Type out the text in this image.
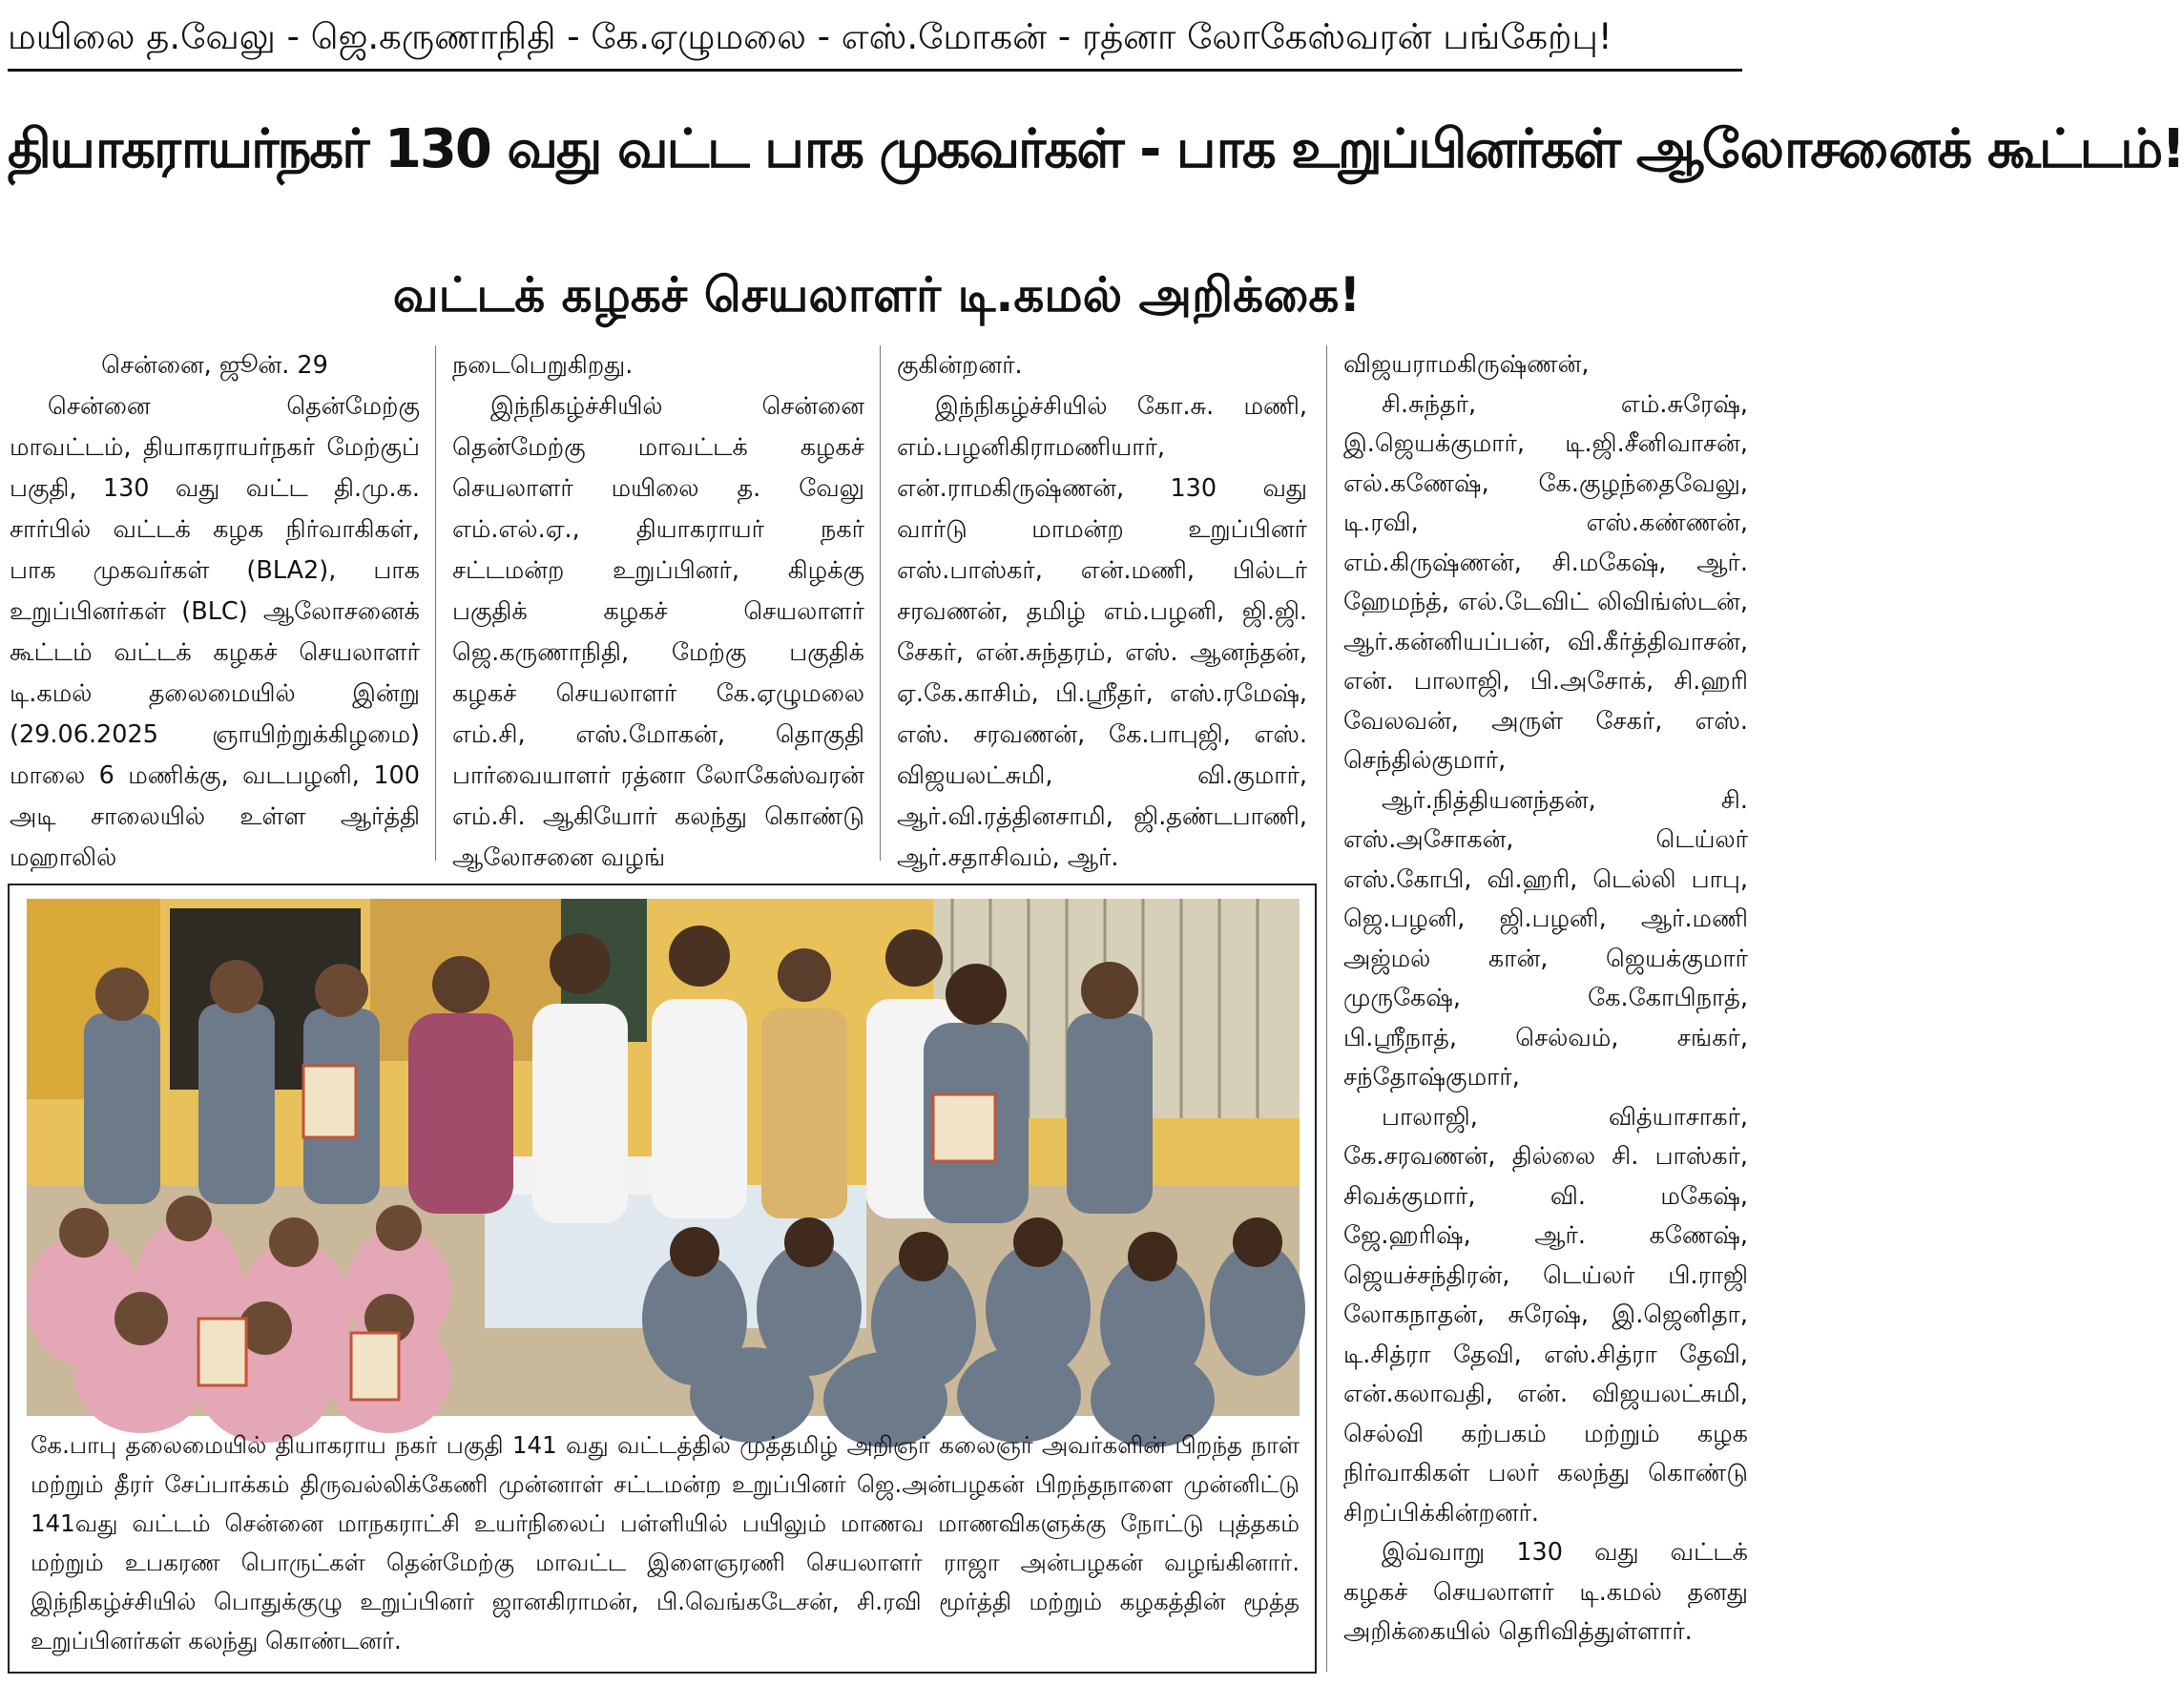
மயிலை த.வேலு - ஜெ.கருணாநிதி - கே.ஏழுமலை - எஸ்.மோகன் - ரத்னா லோகேஸ்வரன் பங்கேற்பு!
தியாகராயர்நகர் 130 வது வட்ட பாக முகவர்கள் - பாக உறுப்பினர்கள் ஆலோசனைக் கூட்டம்!
வட்டக் கழகச் செயலாளர் டி.கமல் அறிக்கை!

சென்னை, ஜூன். 29

சென்னை தென்மேற்கு மாவட்டம், தியாகராயர்நகர் மேற்குப் பகுதி, 130 வது வட்ட தி.மு.க. சார்பில் வட்டக் கழக நிர்வாகிகள், பாக முகவர்கள் (BLA2), பாக உறுப்பினர்கள் (BLC) ஆலோசனைக் கூட்டம் வட்டக் கழகச் செயலாளர் டி.கமல் தலைமையில் இன்று (29.06.2025 ஞாயிற்றுக்கிழமை) மாலை 6 மணிக்கு, வடபழனி, 100 அடி சாலையில் உள்ள ஆர்த்தி மஹாலில்

நடைபெறுகிறது.

இந்நிகழ்ச்சியில் சென்னை தென்மேற்கு மாவட்டக் கழகச் செயலாளர் மயிலை த. வேலு எம்.எல்.ஏ., தியாகராயர் நகர் சட்டமன்ற உறுப்பினர், கிழக்கு பகுதிக் கழகச் செயலாளர் ஜெ.கருணாநிதி, மேற்கு பகுதிக் கழகச் செயலாளர் கே.ஏழுமலை எம்.சி, எஸ்.மோகன், தொகுதி பார்வையாளர் ரத்னா லோகேஸ்வரன் எம்.சி. ஆகியோர் கலந்து கொண்டு ஆலோசனை வழங்

குகின்றனர்.

இந்நிகழ்ச்சியில் கோ.சு. மணி, எம்.பழனிகிராமணியார், என்.ராமகிருஷ்ணன், 130 வது வார்டு மாமன்ற உறுப்பினர் எஸ்.பாஸ்கர், என்.மணி, பில்டர் சரவணன், தமிழ் எம்.பழனி, ஜி.ஜி. சேகர், என்.சுந்தரம், எஸ். ஆனந்தன், ஏ.கே.காசிம், பி.ஸ்ரீதர், எஸ்.ரமேஷ், எஸ். சரவணன், கே.பாபுஜி, எஸ். விஜயலட்சுமி, வி.குமார், ஆர்.வி.ரத்தினசாமி, ஜி.தண்டபாணி, ஆர்.சதாசிவம், ஆர்.

விஜயராமகிருஷ்ணன்,

சி.சுந்தர், எம்.சுரேஷ், இ.ஜெயக்குமார், டி.ஜி.சீனிவாசன், எல்.கணேஷ், கே.குழந்தைவேலு, டி.ரவி, எஸ்.கண்ணன், எம்.கிருஷ்ணன், சி.மகேஷ், ஆர். ஹேமந்த், எல்.டேவிட் லிவிங்ஸ்டன், ஆர்.கன்னியப்பன், வி.கீர்த்திவாசன், என். பாலாஜி, பி.அசோக், சி.ஹரி வேலவன், அருள் சேகர், எஸ். செந்தில்குமார்,

ஆர்.நித்தியனந்தன், சி. எஸ்.அசோகன், டெய்லர் எஸ்.கோபி, வி.ஹரி, டெல்லி பாபு, ஜெ.பழனி, ஜி.பழனி, ஆர்.மணி அஜ்மல் கான், ஜெயக்குமார் முருகேஷ், கே.கோபிநாத், பி.ஸ்ரீநாத், செல்வம், சங்கர், சந்தோஷ்குமார்,

பாலாஜி, வித்யாசாகர், கே.சரவணன், தில்லை சி. பாஸ்கர், சிவக்குமார், வி. மகேஷ், ஜே.ஹரிஷ், ஆர். கணேஷ், ஜெயச்சந்திரன், டெய்லர் பி.ராஜி லோகநாதன், சுரேஷ், இ.ஜெனிதா, டி.சித்ரா தேவி, எஸ்.சித்ரா தேவி, என்.கலாவதி, என். விஜயலட்சுமி, செல்வி கற்பகம் மற்றும் கழக நிர்வாகிகள் பலர் கலந்து கொண்டு சிறப்பிக்கின்றனர்.

இவ்வாறு 130 வது வட்டக் கழகச் செயலாளர் டி.கமல் தனது அறிக்கையில் தெரிவித்துள்ளார்.

கே.பாபு தலைமையில் தியாகராய நகர் பகுதி 141 வது வட்டத்தில் முத்தமிழ் அறிஞர் கலைஞர் அவர்களின் பிறந்த நாள் மற்றும் தீரர் சேப்பாக்கம் திருவல்லிக்கேணி முன்னாள் சட்டமன்ற உறுப்பினர் ஜெ.அன்பழகன் பிறந்தநாளை முன்னிட்டு 141வது வட்டம் சென்னை மாநகராட்சி உயர்நிலைப் பள்ளியில் பயிலும் மாணவ மாணவிகளுக்கு நோட்டு புத்தகம் மற்றும் உபகரண பொருட்கள் தென்மேற்கு மாவட்ட இளைஞரணி செயலாளர் ராஜா அன்பழகன் வழங்கினார். இந்நிகழ்ச்சியில் பொதுக்குழு உறுப்பினர் ஜானகிராமன், பி.வெங்கடேசன், சி.ரவி மூர்த்தி மற்றும் கழகத்தின் மூத்த உறுப்பினர்கள் கலந்து கொண்டனர்.
